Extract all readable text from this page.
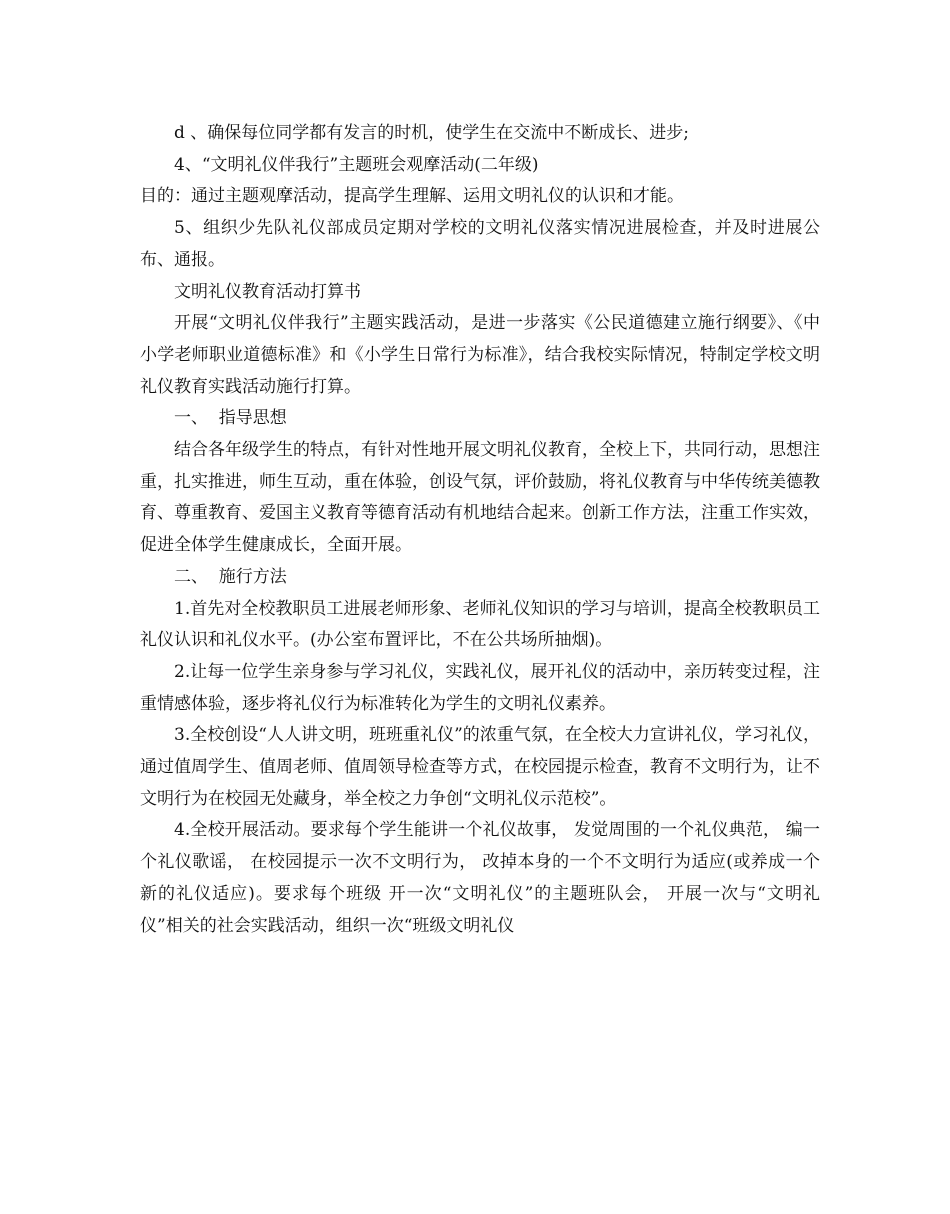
d 、确保每位同学都有发言的时机，使学生在交流中不断成长、进步;

4、“文明礼仪伴我行”主题班会观摩活动(二年级)

目的：通过主题观摩活动，提高学生理解、运用文明礼仪的认识和才能。

5、组织少先队礼仪部成员定期对学校的文明礼仪落实情况进展检查，并及时进展公布、通报。

文明礼仪教育活动打算书

开展“文明礼仪伴我行”主题实践活动，是进一步落实《公民道德建立施行纲要》、《中小学老师职业道德标准》和《小学生日常行为标准》，结合我校实际情况，特制定学校文明礼仪教育实践活动施行打算。

一、  指导思想

结合各年级学生的特点，有针对性地开展文明礼仪教育，全校上下，共同行动，思想注重，扎实推进，师生互动，重在体验，创设气氛，评价鼓励，将礼仪教育与中华传统美德教育、尊重教育、爱国主义教育等德育活动有机地结合起来。创新工作方法，注重工作实效，促进全体学生健康成长，全面开展。

二、  施行方法

1.首先对全校教职员工进展老师形象、老师礼仪知识的学习与培训，提高全校教职员工礼仪认识和礼仪水平。(办公室布置评比，不在公共场所抽烟)。

2.让每一位学生亲身参与学习礼仪，实践礼仪，展开礼仪的活动中，亲历转变过程，注重情感体验，逐步将礼仪行为标准转化为学生的文明礼仪素养。

3.全校创设“人人讲文明，班班重礼仪”的浓重气氛，在全校大力宣讲礼仪，学习礼仪，通过值周学生、值周老师、值周领导检查等方式，在校园提示检查，教育不文明行为，让不文明行为在校园无处藏身，举全校之力争创“文明礼仪示范校”。

4.全校开展活动。要求每个学生能讲一个礼仪故事， 发觉周围的一个礼仪典范， 编一个礼仪歌谣， 在校园提示一次不文明行为， 改掉本身的一个不文明行为适应(或养成一个新的礼仪适应)。要求每个班级 开一次“文明礼仪”的主题班队会， 开展一次与“文明礼仪”相关的社会实践活动，组织一次“班级文明礼仪
